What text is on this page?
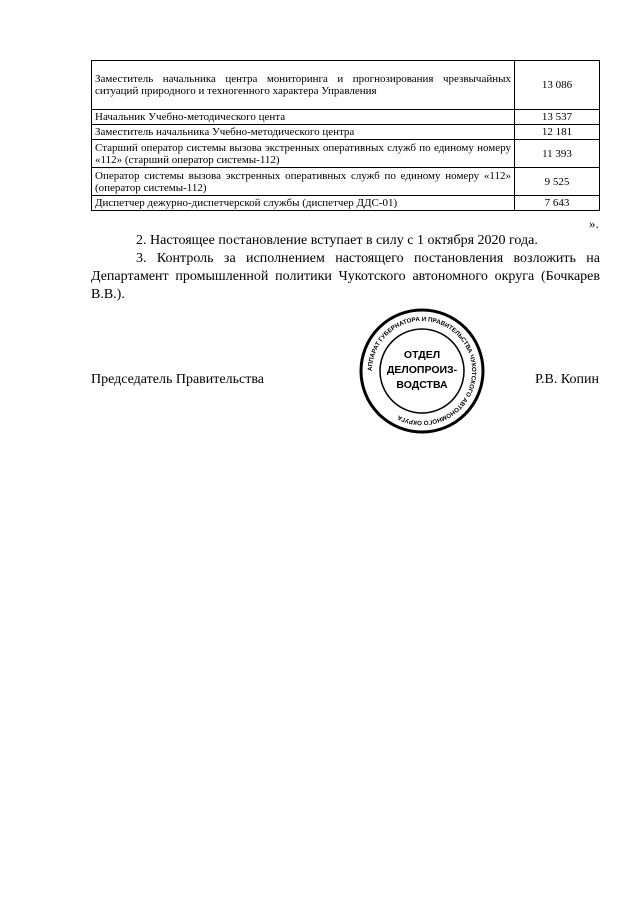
Заместитель начальника центра мониторинга и прогнозирования чрезвычайных ситуаций природного и техногенного характера Управления	13 086
Начальник Учебно-методического цента	13 537
Заместитель начальника Учебно-методического центра	12 181
Старший оператор системы вызова экстренных оперативных служб по единому номеру «112» (старший оператор системы-112)	11 393
Оператор системы вызова экстренных оперативных служб по единому номеру «112» (оператор системы-112)	9 525
Диспетчер дежурно-диспетчерской службы (диспетчер ДДС-01)	7 643
».
2. Настоящее постановление вступает в силу с 1 октября 2020 года.
3. Контроль за исполнением настоящего постановления возложить на Департамент промышленной политики Чукотского автономного округа (Бочкарев В.В.).
Председатель Правительства	Р.В. Копин
АППАРАТ ГУБЕРНАТОРА И ПРАВИТЕЛЬСТВА ЧУКОТСКОГО АВТОНОМНОГО ОКРУГА
ОТДЕЛ
ДЕЛОПРОИЗ-
ВОДСТВА
